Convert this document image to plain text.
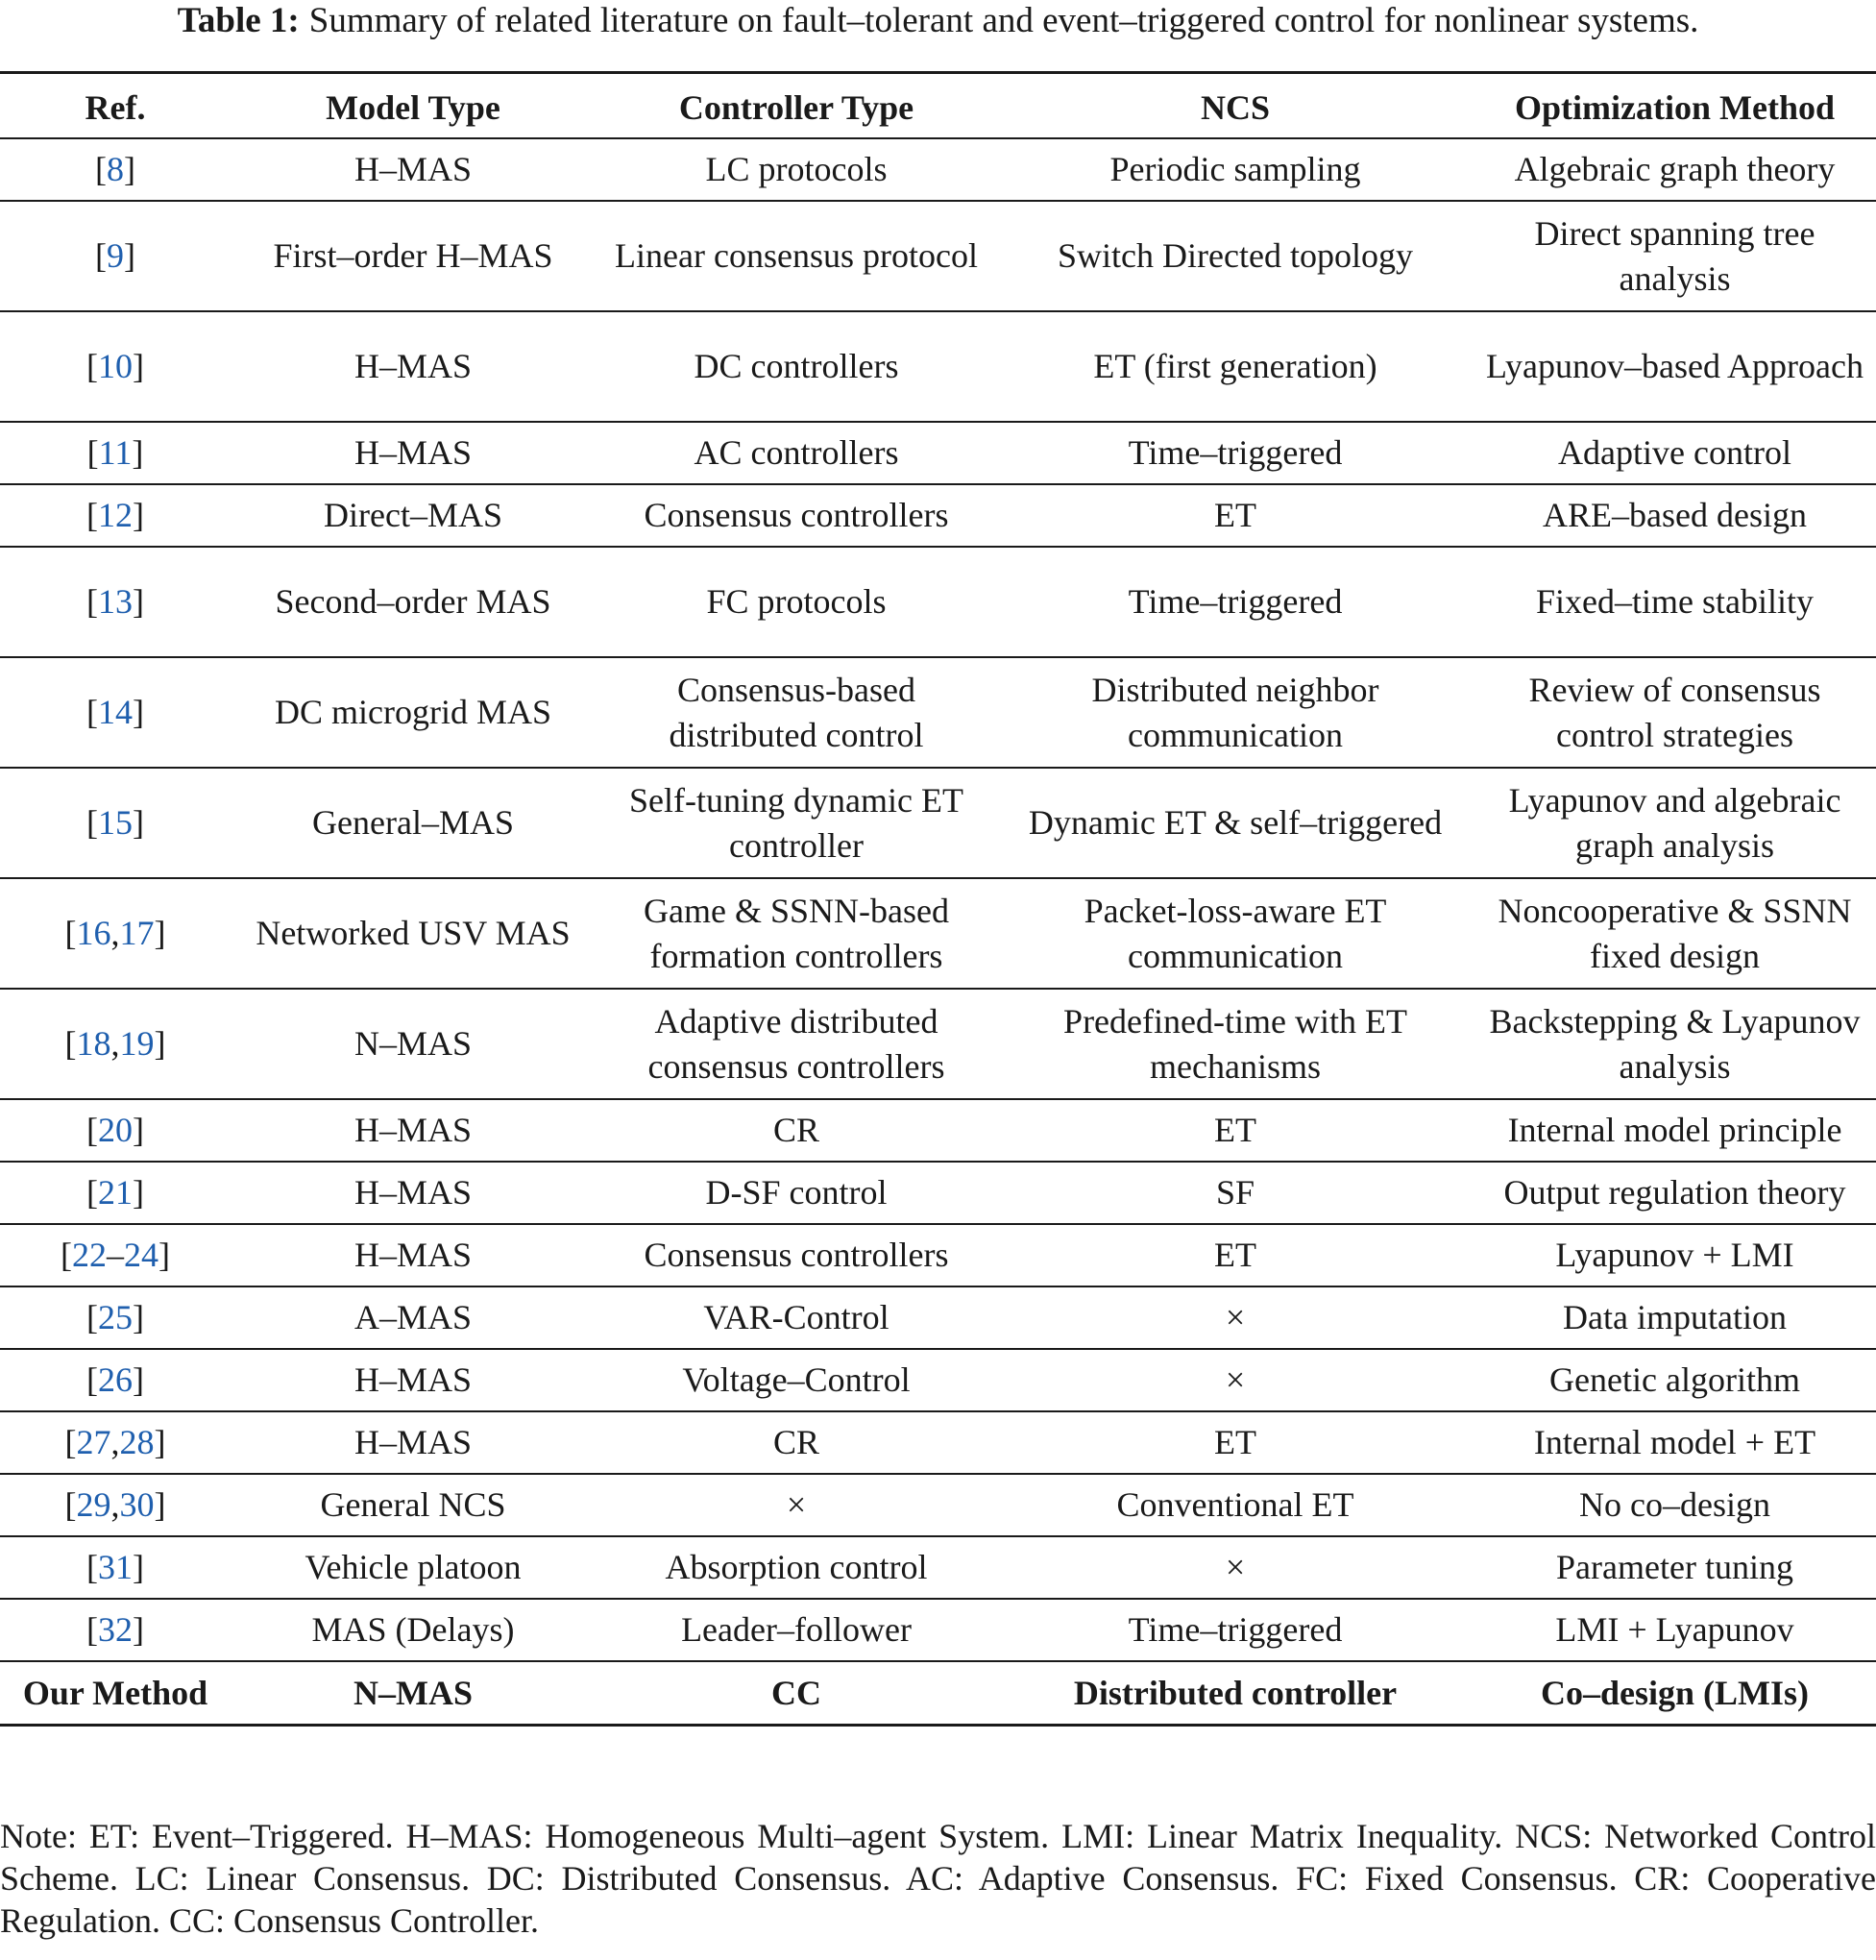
Table 1: Summary of related literature on fault–tolerant and event–triggered control for nonlinear systems.
Ref.	Model Type	Controller Type	NCS	Optimization Method
[8]	H–MAS	LC protocols	Periodic sampling	Algebraic graph theory
[9]	First–order H–MAS	Linear consensus protocol	Switch Directed topology	Direct spanning tree analysis
[10]	H–MAS	DC controllers	ET (first generation)	Lyapunov–based Approach
[11]	H–MAS	AC controllers	Time–triggered	Adaptive control
[12]	Direct–MAS	Consensus controllers	ET	ARE–based design
[13]	Second–order MAS	FC protocols	Time–triggered	Fixed–time stability
[14]	DC microgrid MAS	Consensus-based distributed control	Distributed neighbor communication	Review of consensus control strategies
[15]	General–MAS	Self-tuning dynamic ET controller	Dynamic ET & self–triggered	Lyapunov and algebraic graph analysis
[16,17]	Networked USV MAS	Game & SSNN-based formation controllers	Packet-loss-aware ET communication	Noncooperative & SSNN fixed design
[18,19]	N–MAS	Adaptive distributed consensus controllers	Predefined-time with ET mechanisms	Backstepping & Lyapunov analysis
[20]	H–MAS	CR	ET	Internal model principle
[21]	H–MAS	D-SF control	SF	Output regulation theory
[22–24]	H–MAS	Consensus controllers	ET	Lyapunov + LMI
[25]	A–MAS	VAR-Control	×	Data imputation
[26]	H–MAS	Voltage–Control	×	Genetic algorithm
[27,28]	H–MAS	CR	ET	Internal model + ET
[29,30]	General NCS	×	Conventional ET	No co–design
[31]	Vehicle platoon	Absorption control	×	Parameter tuning
[32]	MAS (Delays)	Leader–follower	Time–triggered	LMI + Lyapunov
Our Method	N–MAS	CC	Distributed controller	Co–design (LMIs)
Note: ET: Event–Triggered. H–MAS: Homogeneous Multi–agent System. LMI: Linear Matrix Inequality. NCS: Networked Control Scheme. LC: Linear Consensus. DC: Distributed Consensus. AC: Adaptive Consensus. FC: Fixed Consensus. CR: Cooperative Regulation. CC: Consensus Controller.
